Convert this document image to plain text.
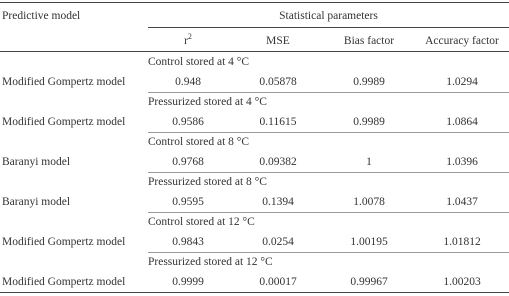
Predictive model	Statistical parameters
$r^2$	MSE	Bias factor	Accuracy factor
Control stored at 4 °C
Modified Gompertz model	0.948	0.05878	0.9989	1.0294
Pressurized stored at 4 °C
Modified Gompertz model	0.9586	0.11615	0.9989	1.0864
Control stored at 8 °C
Baranyi model	0.9768	0.09382	1	1.0396
Pressurized stored at 8 °C
Baranyi model	0.9595	0.1394	1.0078	1.0437
Control stored at 12 °C
Modified Gompertz model	0.9843	0.0254	1.00195	1.01812
Pressurized stored at 12 °C
Modified Gompertz model	0.9999	0.00017	0.99967	1.00203
